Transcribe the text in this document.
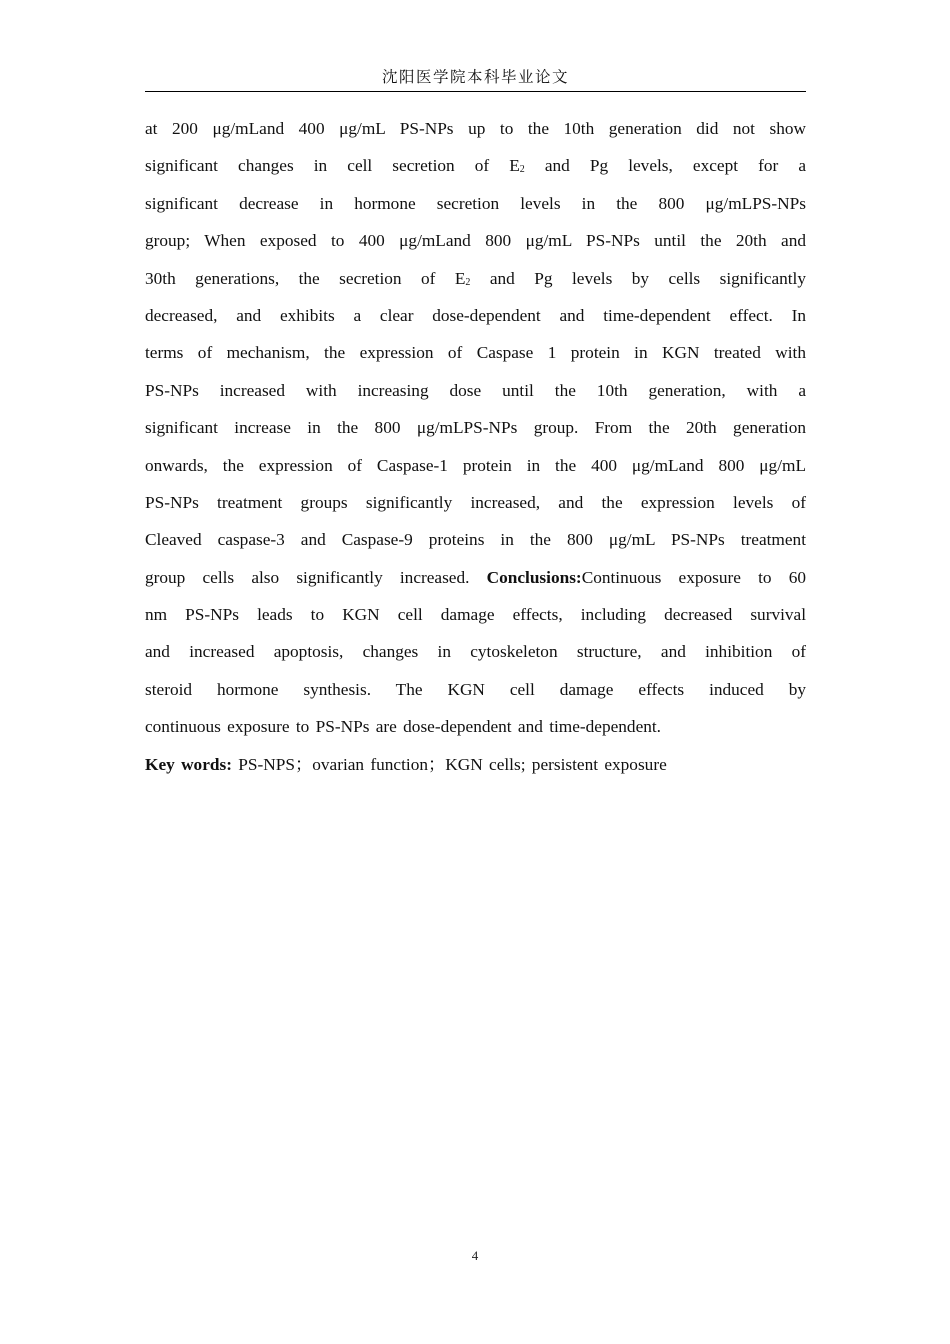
沈阳医学院本科毕业论文
at 200 μg/mLand 400 μg/mL PS-NPs up to the 10th generation did not show
significant changes in cell secretion of $E_2$ and Pg levels, except for a
significant decrease in hormone secretion levels in the 800 μg/mLPS-NPs
group; When exposed to 400 μg/mLand 800 μg/mL PS-NPs until the 20th and
30th generations, the secretion of $E_2$ and Pg levels by cells significantly
decreased, and exhibits a clear dose-dependent and time-dependent effect. In
terms of mechanism, the expression of Caspase 1 protein in KGN treated with
PS-NPs increased with increasing dose until the 10th generation, with a
significant increase in the 800 μg/mLPS-NPs group. From the 20th generation
onwards, the expression of Caspase-1 protein in the 400 μg/mLand 800 μg/mL
PS-NPs treatment groups significantly increased, and the expression levels of
Cleaved caspase-3 and Caspase-9 proteins in the 800 μg/mL PS-NPs treatment
group cells also significantly increased. Conclusions:Continuous exposure to 60
nm PS-NPs leads to KGN cell damage effects, including decreased survival
and increased apoptosis, changes in cytoskeleton structure, and inhibition of
steroid hormone synthesis. The KGN cell damage effects induced by
continuous exposure to PS-NPs are dose-dependent and time-dependent.
Key words: PS-NPS；ovarian function；KGN cells; persistent exposure
4
